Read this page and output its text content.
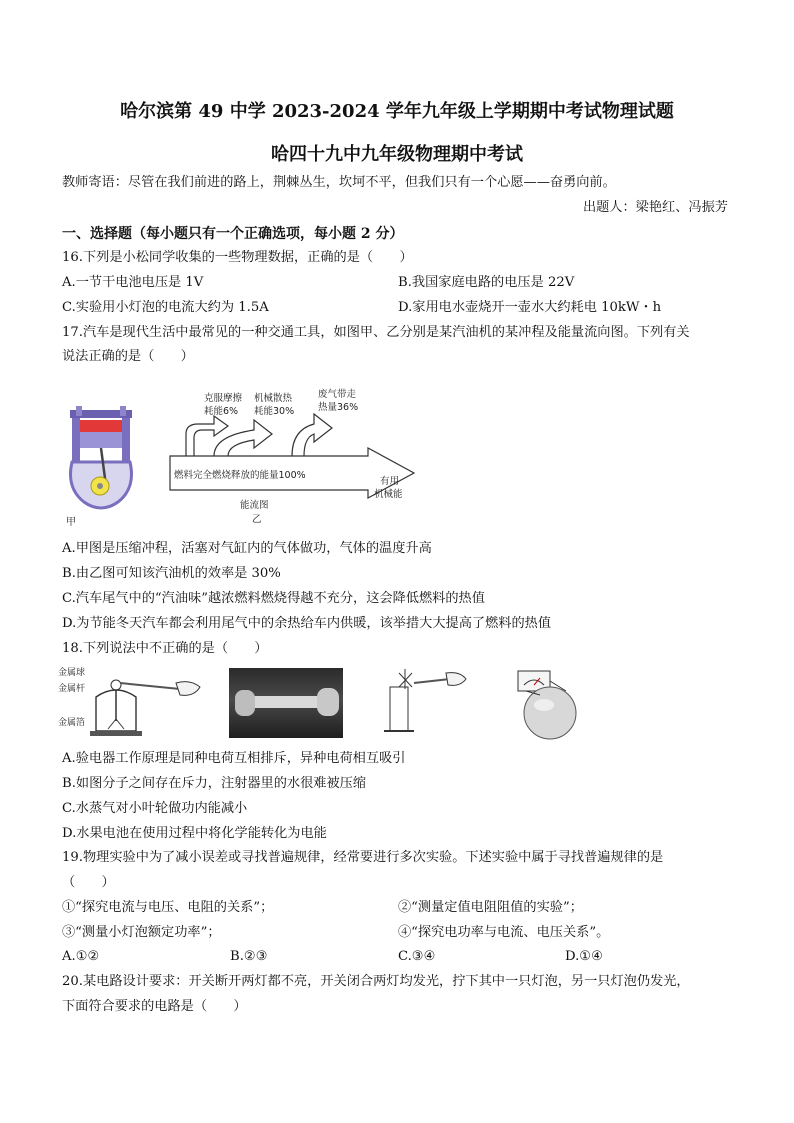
哈尔滨第 49 中学 2023-2024 学年九年级上学期期中考试物理试题
哈四十九中九年级物理期中考试
教师寄语：尽管在我们前进的路上，荆棘丛生，坎坷不平，但我们只有一个心愿——奋勇向前。
出题人：梁艳红、冯振芳
一、选择题（每小题只有一个正确选项，每小题 2 分）
16.下列是小松同学收集的一些物理数据，正确的是（　　）
A.一节干电池电压是 1V	B.我国家庭电路的电压是 22V
C.实验用小灯泡的电流大约为 1.5A	D.家用电水壶烧开一壶水大约耗电 10kW・h
17.汽车是现代生活中最常见的一种交通工具，如图甲、乙分别是某汽油机的某冲程及能量流向图。下列有关
说法正确的是（　　）
甲
克服摩擦
耗能6%
机械散热
耗能30%
废气带走
热量36%
燃料完全燃烧释放的能量100%
有用
机械能
能流图
乙
A.甲图是压缩冲程，活塞对气缸内的气体做功，气体的温度升高
B.由乙图可知该汽油机的效率是 30%
C.汽车尾气中的“汽油味”越浓燃料燃烧得越不充分，这会降低燃料的热值
D.为节能冬天汽车都会利用尾气中的余热给车内供暖，该举措大大提高了燃料的热值
18.下列说法中不正确的是（　　）
金属球
金属杆
金属箔
A.验电器工作原理是同种电荷互相排斥，异种电荷相互吸引
B.如图分子之间存在斥力，注射器里的水很难被压缩
C.水蒸气对小叶轮做功内能减小
D.水果电池在使用过程中将化学能转化为电能
19.物理实验中为了减小误差或寻找普遍规律，经常要进行多次实验。下述实验中属于寻找普遍规律的是
（　　）
①“探究电流与电压、电阻的关系”；	②“测量定值电阻阻值的实验”；
③“测量小灯泡额定功率”；	④“探究电功率与电流、电压关系”。
A.①②	B.②③	C.③④	D.①④
20.某电路设计要求：开关断开两灯都不亮，开关闭合两灯均发光，拧下其中一只灯泡，另一只灯泡仍发光，
下面符合要求的电路是（　　）
